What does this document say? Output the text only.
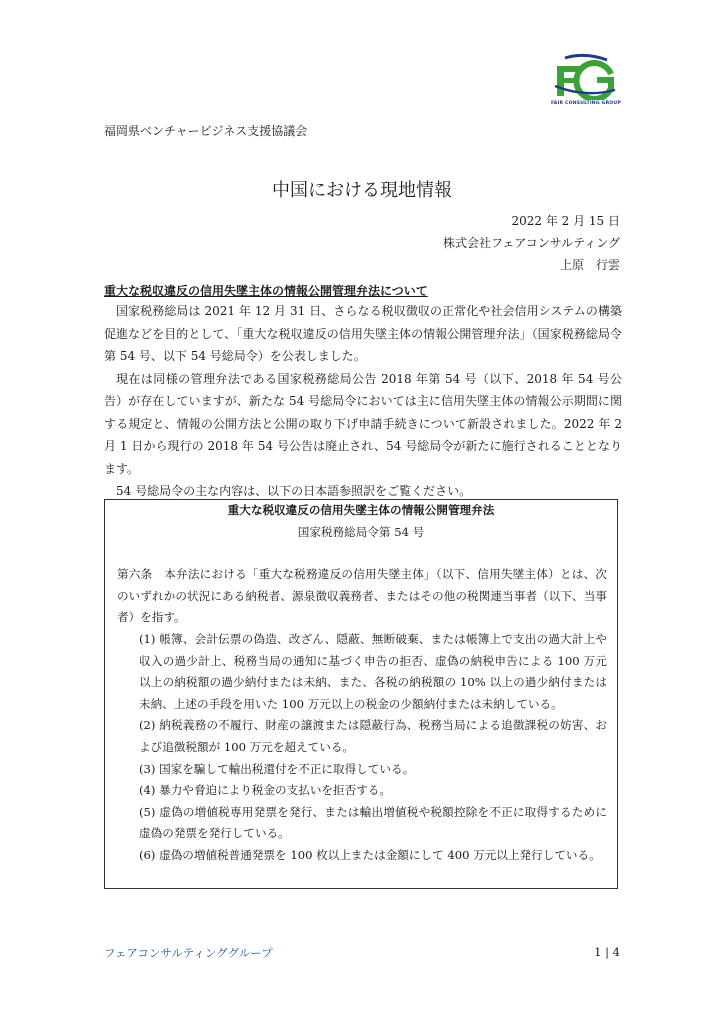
FAIR CONSULTING GROUP
福岡県ベンチャービジネス支援協議会
中国における現地情報
2022 年 2 月 15 日
株式会社フェアコンサルティング
上原　行雲
重大な税収違反の信用失墜主体の情報公開管理弁法について

国家税務総局は 2021 年 12 月 31 日、さらなる税収徴収の正常化や社会信用システムの構築促進などを目的として、「重大な税収違反の信用失墜主体の情報公開管理弁法」（国家税務総局令第 54 号、以下 54 号総局令）を公表しました。

現在は同様の管理弁法である国家税務総局公告 2018 年第 54 号（以下、2018 年 54 号公告）が存在していますが、新たな 54 号総局令においては主に信用失墜主体の情報公示期間に関する規定と、情報の公開方法と公開の取り下げ申請手続きについて新設されました。2022 年 2 月 1 日から現行の 2018 年 54 号公告は廃止され、54 号総局令が新たに施行されることとなります。

54 号総局令の主な内容は、以下の日本語参照訳をご覧ください。

重大な税収違反の信用失墜主体の情報公開管理弁法
国家税務総局令第 54 号
第六条　本弁法における「重大な税務違反の信用失墜主体」（以下、信用失墜主体）とは、次のいずれかの状況にある納税者、源泉徴収義務者、またはその他の税関連当事者（以下、当事者）を指す。
(1) 帳簿、会計伝票の偽造、改ざん、隠蔽、無断破棄、または帳簿上で支出の過大計上や収入の過少計上、税務当局の通知に基づく申告の拒否、虚偽の納税申告による 100 万元以上の納税額の過少納付または未納、また、各税の納税額の 10% 以上の過少納付または未納、上述の手段を用いた 100 万元以上の税金の少額納付または未納している。
(2) 納税義務の不履行、財産の譲渡または隠蔽行為、税務当局による追徴課税の妨害、および追徴税額が 100 万元を超えている。
(3) 国家を騙して輸出税還付を不正に取得している。
(4) 暴力や脅迫により税金の支払いを拒否する。
(5) 虚偽の増値税専用発票を発行、または輸出増値税や税額控除を不正に取得するために虚偽の発票を発行している。
(6) 虚偽の増値税普通発票を 100 枚以上または金額にして 400 万元以上発行している。
フェアコンサルティンググループ	1 | 4
